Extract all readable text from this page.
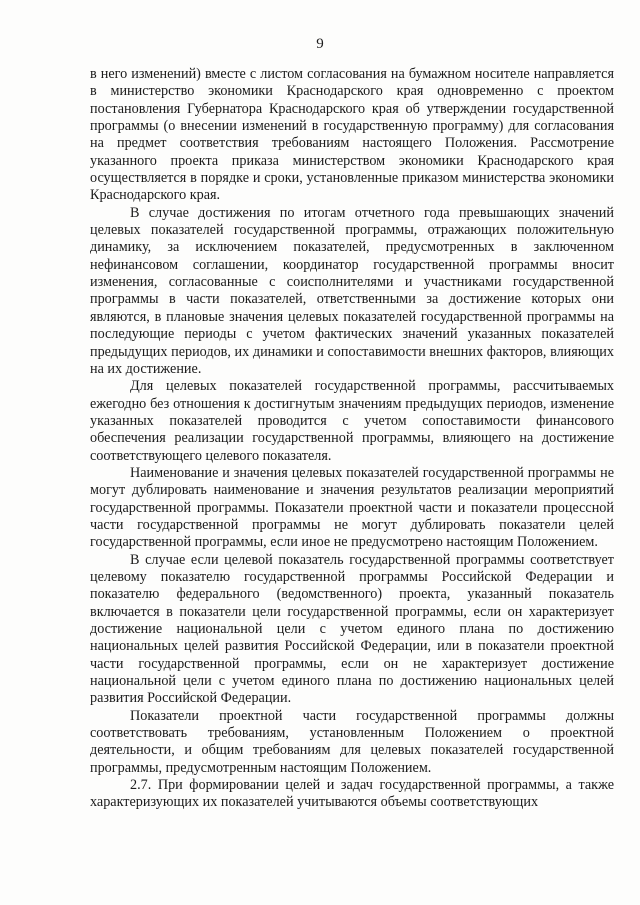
9

в него изменений) вместе с листом согласования на бумажном носителе направляется в министерство экономики Краснодарского края одновременно с проектом постановления Губернатора Краснодарского края об утверждении государственной программы (о внесении изменений в государственную программу) для согласования на предмет соответствия требованиям настоящего Положения. Рассмотрение указанного проекта приказа министерством экономики Краснодарского края осуществляется в порядке и сроки, установленные приказом министерства экономики Краснодарского края.

В случае достижения по итогам отчетного года превышающих значений целевых показателей государственной программы, отражающих положительную динамику, за исключением показателей, предусмотренных в заключенном нефинансовом соглашении, координатор государственной программы вносит изменения, согласованные с соисполнителями и участниками государственной программы в части показателей, ответственными за достижение которых они являются, в плановые значения целевых показателей государственной программы на последующие периоды с учетом фактических значений указанных показателей предыдущих периодов, их динамики и сопоставимости внешних факторов, влияющих на их достижение.

Для целевых показателей государственной программы, рассчитываемых ежегодно без отношения к достигнутым значениям предыдущих периодов, изменение указанных показателей проводится с учетом сопоставимости финансового обеспечения реализации государственной программы, влияющего на достижение соответствующего целевого показателя.

Наименование и значения целевых показателей государственной программы не могут дублировать наименование и значения результатов реализации мероприятий государственной программы. Показатели проектной части и показатели процессной части государственной программы не могут дублировать показатели целей государственной программы, если иное не предусмотрено настоящим Положением.

В случае если целевой показатель государственной программы соответствует целевому показателю государственной программы Российской Федерации и показателю федерального (ведомственного) проекта, указанный показатель включается в показатели цели государственной программы, если он характеризует достижение национальной цели с учетом единого плана по достижению национальных целей развития Российской Федерации, или в показатели проектной части государственной программы, если он не характеризует достижение национальной цели с учетом единого плана по достижению национальных целей развития Российской Федерации.

Показатели проектной части государственной программы должны соответствовать требованиям, установленным Положением о проектной деятельности, и общим требованиям для целевых показателей государственной программы, предусмотренным настоящим Положением.

2.7. При формировании целей и задач государственной программы, а также характеризующих их показателей учитываются объемы соответствующих
